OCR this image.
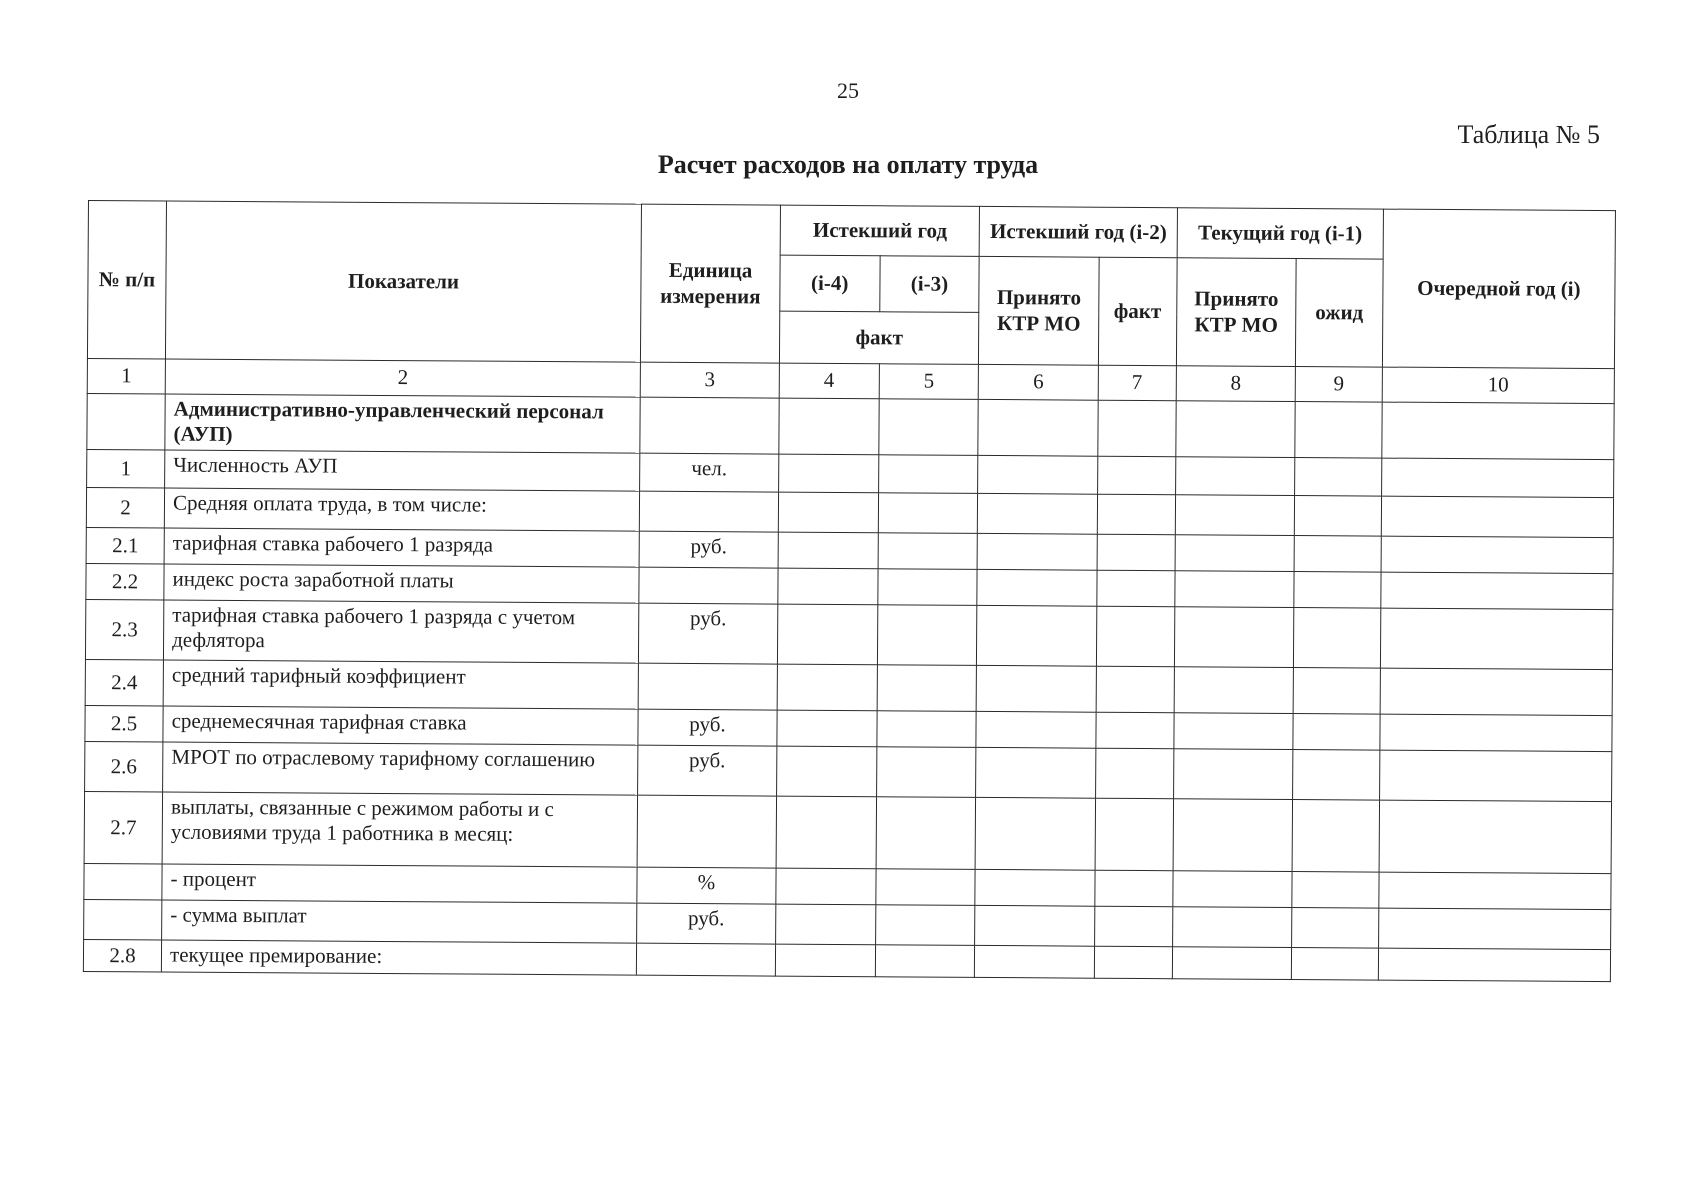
25
Таблица № 5
Расчет расходов на оплату труда
№ п/п	Показатели	Единица измерения	Истекший год		Истекший год (i-2)		Текущий год (i-1)		Очередной год (i)
			(i-4)	(i-3)	Принято КТР МО	факт	Принято КТР МО	ожид	
			факт						
1	2	3	4	5	6	7	8	9	10
	Административно-управленческий персонал (АУП)								
1	Численность АУП	чел.							
2	Средняя оплата труда, в том числе:								
2.1	тарифная ставка рабочего 1 разряда	руб.							
2.2	индекс роста заработной платы								
2.3	тарифная ставка рабочего 1 разряда с учетом дефлятора	руб.							
2.4	средний тарифный коэффициент								
2.5	среднемесячная тарифная ставка	руб.							
2.6	МРОТ по отраслевому тарифному соглашению	руб.							
2.7	выплаты, связанные с режимом работы и с условиями труда 1 работника в месяц:								
	- процент	%							
	- сумма выплат	руб.							
2.8	текущее премирование:								
